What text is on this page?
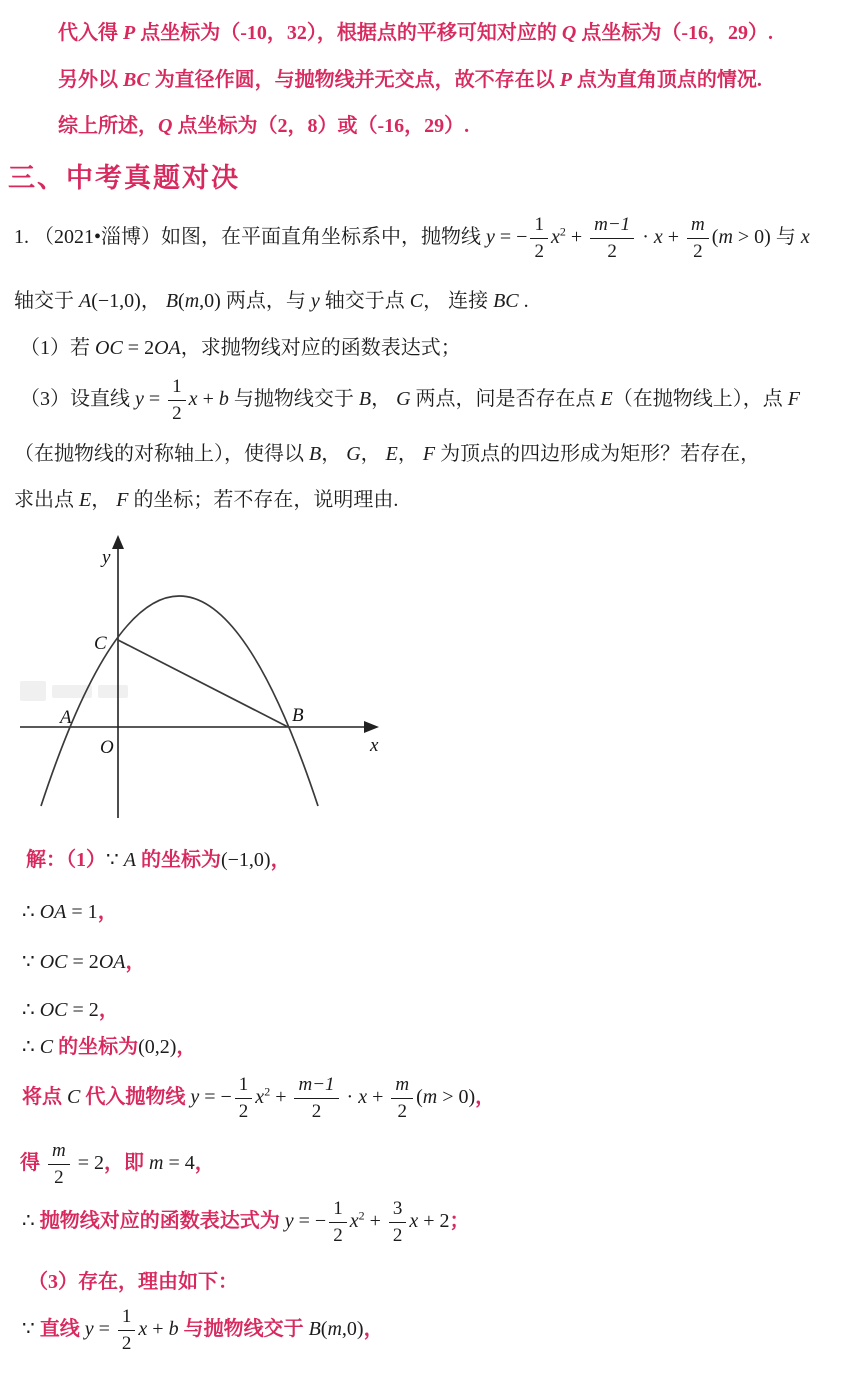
代入得 P 点坐标为（-10，32），根据点的平移可知对应的 Q 点坐标为（-16，29）.
另外以 BC 为直径作圆，与抛物线并无交点，故不存在以 P 点为直角顶点的情况.
综上所述，Q 点坐标为（2，8）或（-16，29）.
三、中考真题对决
1. （2021•淄博）如图，在平面直角坐标系中，抛物线 y = − $\frac{1}{2} x^2 + \frac{m-1}{2} \cdot x + \frac{m}{2} (m > 0)$ 与 x
轴交于 A(−1,0)， B(m,0) 两点，与 y 轴交于点 C， 连接 BC .
（1）若 OC = 2OA，求抛物线对应的函数表达式；
（3）设直线 $y = \frac{1}{2}$ x + b 与抛物线交于 B， G 两点，问是否存在点 E（在抛物线上），点 F
（在抛物线的对称轴上），使得以 B， G， E， F 为顶点的四边形成为矩形？若存在，
求出点 E， F 的坐标；若不存在，说明理由.
y
x
O
A	B
C
解：（1）∵ A 的坐标为(−1,0)，
∴ OA = 1，
∵ OC = 2OA，
∴ OC = 2，
∴ C 的坐标为(0,2)，
将点 C 代入抛物线 y = − $\frac{1}{2} x^2 + \frac{m-1}{2} \cdot x + \frac{m}{2} (m > 0)$，
得 $\frac{m}{2} = 2$，即 m = 4，
∴ 抛物线对应的函数表达式为 y = − $\frac{1}{2} x^2 + \frac{3}{2}$ x + 2；
（3）存在，理由如下：
∵ 直线 $y = \frac{1}{2}$ x + b 与抛物线交于 B(m,0)，
